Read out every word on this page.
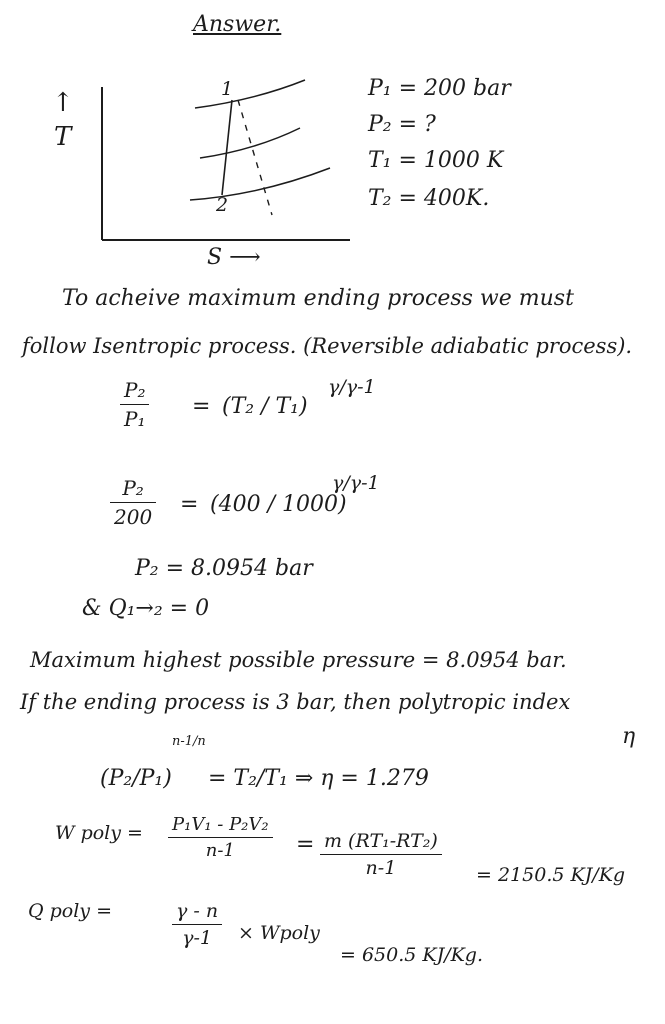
Answer.
↑
T
1
2
S ⟶
P₁ = 200 bar
P₂ = ?
T₁ = 1000 K
T₂ = 400K.
To acheive maximum ending process we must
follow Isentropic process. (Reversible adiabatic process).
$\frac{\text{P₂}}{\text{P₁}} = (T_2 / T_1)$
γ/γ-1
$\frac{\text{P₂}}{200} = (400 / 1000)$
γ/γ-1
P₂ = 8.0954 bar
& Q₁→₂ = 0
Maximum highest possible pressure = 8.0954 bar.
If the ending process is 3 bar, then polytropic index
η
(P₂/P₁)
n-1/n
= T₂/T₁ ⇒ η = 1.279
W poly = $\frac{\text{P₁V₁ - P₂V₂}}{n-1} = \frac{\text{m (RT₁-RT₂)}}{n-1} = 2150.5$ KJ/Kg
Q poly =	$\frac{\gamma - n}{\gamma-1}$ × Wpoly
= 650.5 KJ/Kg.
